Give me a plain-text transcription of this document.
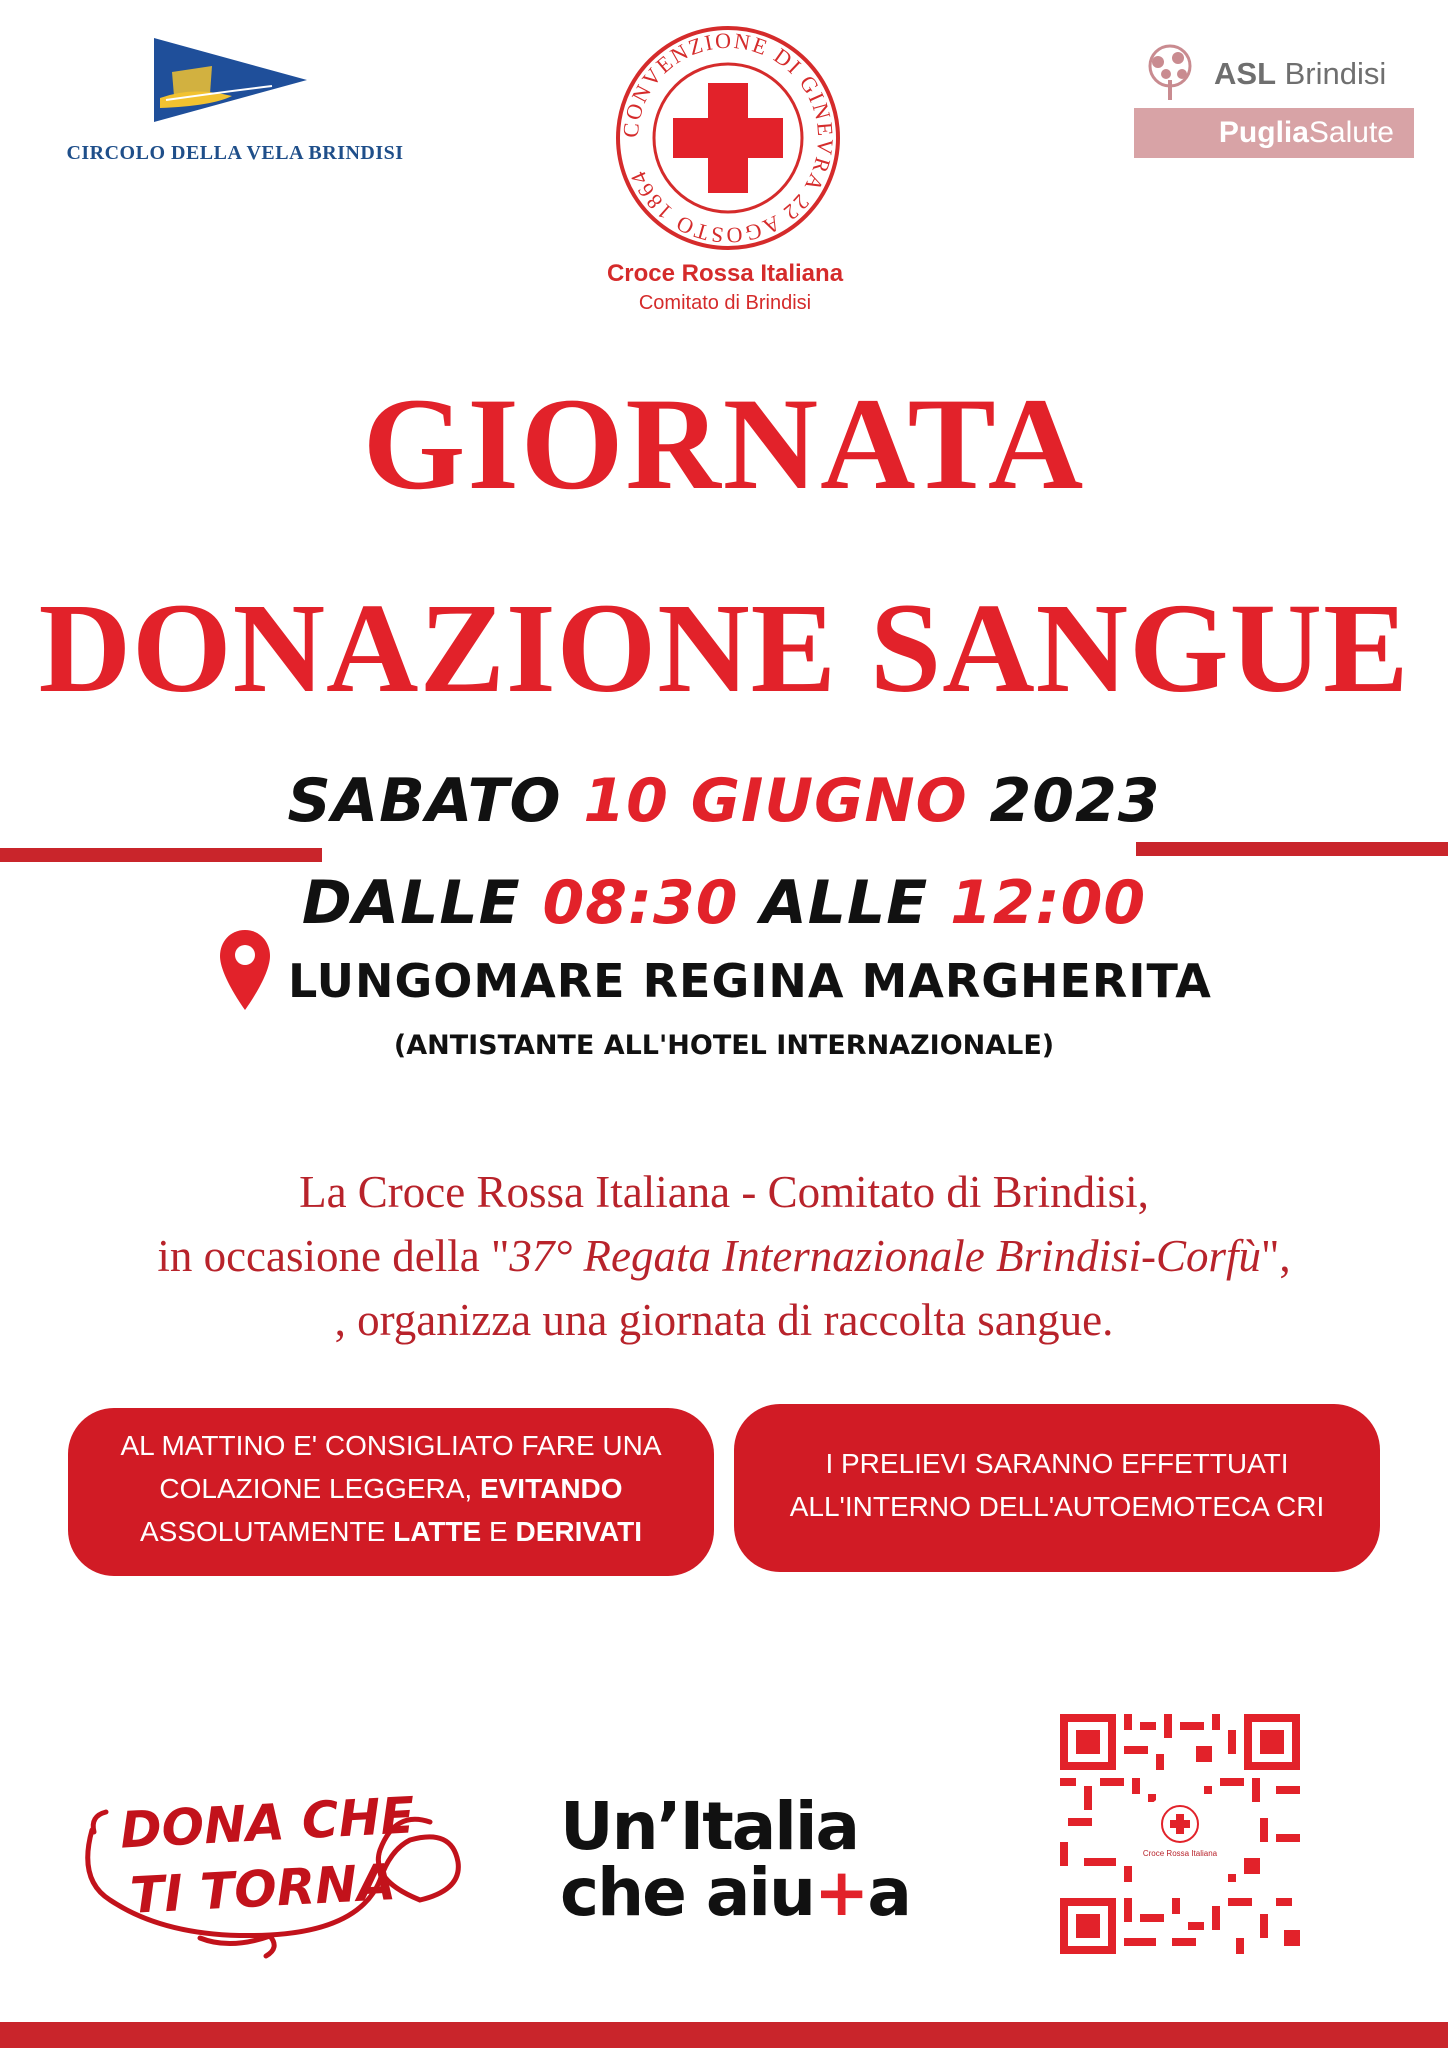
CIRCOLO DELLA VELA BRINDISI
CONVENZIONE DI GINEVRA 22 AGOSTO 1864
Croce Rossa Italiana
Comitato di Brindisi
ASL Brindisi
PugliaSalute
GIORNATA
DONAZIONE SANGUE
SABATO 10 GIUGNO 2023
DALLE 08:30 ALLE 12:00
LUNGOMARE REGINA MARGHERITA
(ANTISTANTE ALL'HOTEL INTERNAZIONALE)
La Croce Rossa Italiana - Comitato di Brindisi,
in occasione della "37° Regata Internazionale Brindisi-Corfù",
, organizza una giornata di raccolta sangue.
AL MATTINO E' CONSIGLIATO FARE UNA
COLAZIONE LEGGERA, EVITANDO
ASSOLUTAMENTE LATTE E DERIVATI
I PRELIEVI SARANNO EFFETTUATI
ALL'INTERNO DELL'AUTOEMOTECA CRI
DONA CHE
TI TORNA
Un’Italia
che aiu+a
Croce Rossa Italiana
